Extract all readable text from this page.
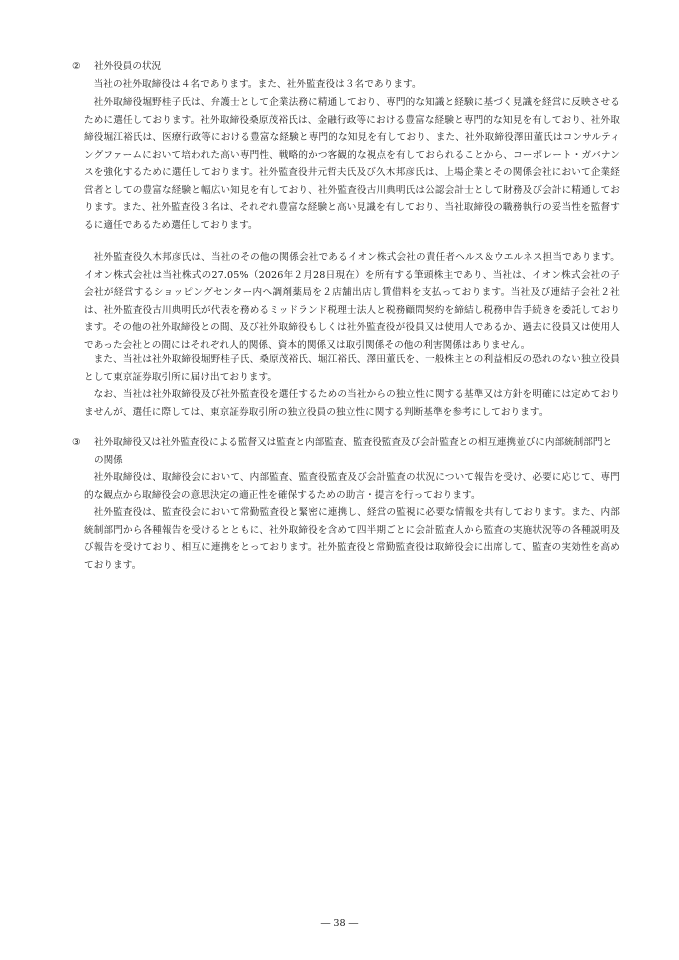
②	社外役員の状況

当社の社外取締役は４名であります。また、社外監査役は３名であります。

社外取締役堀野桂子氏は、弁護士として企業法務に精通しており、専門的な知識と経験に基づく見識を経営に反映させるために選任しております。社外取締役桑原茂裕氏は、金融行政等における豊富な経験と専門的な知見を有しており、社外取締役堀江裕氏は、医療行政等における豊富な経験と専門的な知見を有しており、また、社外取締役澤田董氏はコンサルティングファームにおいて培われた高い専門性、戦略的かつ客観的な視点を有しておられることから、コーポレート・ガバナンスを強化するために選任しております。社外監査役井元哲夫氏及び久木邦彦氏は、上場企業とその関係会社において企業経営者としての豊富な経験と幅広い知見を有しており、社外監査役古川典明氏は公認会計士として財務及び会計に精通しております。また、社外監査役３名は、それぞれ豊富な経験と高い見識を有しており、当社取締役の職務執行の妥当性を監督するに適任であるため選任しております。

社外監査役久木邦彦氏は、当社のその他の関係会社であるイオン株式会社の責任者ヘルス＆ウエルネス担当であります。イオン株式会社は当社株式の27.05%（2026年２月28日現在）を所有する筆頭株主であり、当社は、イオン株式会社の子会社が経営するショッピングセンター内へ調剤薬局を２店舗出店し賃借料を支払っております。当社及び連結子会社２社は、社外監査役古川典明氏が代表を務めるミッドランド税理士法人と税務顧問契約を締結し税務申告手続きを委託しております。その他の社外取締役との間、及び社外取締役もしくは社外監査役が役員又は使用人であるか、過去に役員又は使用人であった会社との間にはそれぞれ人的関係、資本的関係又は取引関係その他の利害関係はありません。

また、当社は社外取締役堀野桂子氏、桑原茂裕氏、堀江裕氏、澤田董氏を、一般株主との利益相反の恐れのない独立役員として東京証券取引所に届け出ております。

なお、当社は社外取締役及び社外監査役を選任するための当社からの独立性に関する基準又は方針を明確には定めておりませんが、選任に際しては、東京証券取引所の独立役員の独立性に関する判断基準を参考にしております。

③	社外取締役又は社外監査役による監督又は監査と内部監査、監査役監査及び会計監査との相互連携並びに内部統制部門との関係

社外取締役は、取締役会において、内部監査、監査役監査及び会計監査の状況について報告を受け、必要に応じて、専門的な観点から取締役会の意思決定の適正性を確保するための助言・提言を行っております。

社外監査役は、監査役会において常勤監査役と緊密に連携し、経営の監視に必要な情報を共有しております。また、内部統制部門から各種報告を受けるとともに、社外取締役を含めて四半期ごとに会計監査人から監査の実施状況等の各種説明及び報告を受けており、相互に連携をとっております。社外監査役と常勤監査役は取締役会に出席して、監査の実効性を高めております。

― 38 ―
